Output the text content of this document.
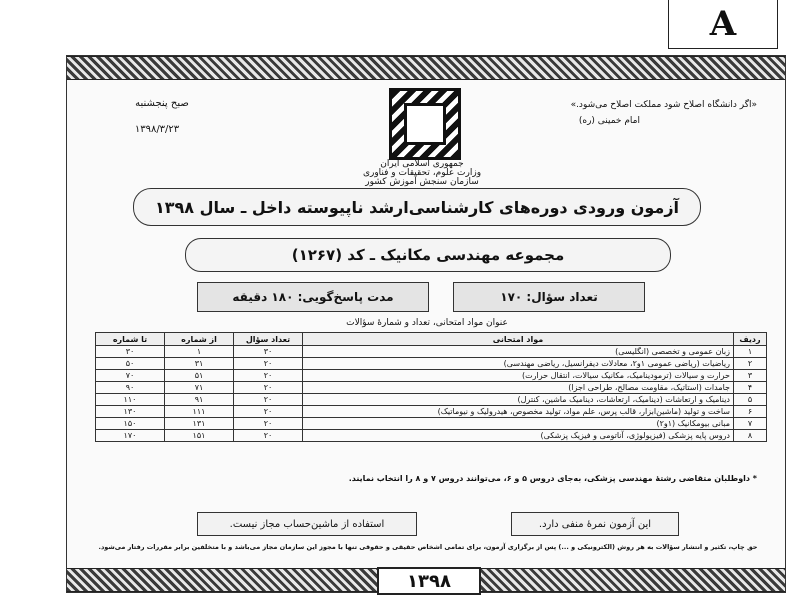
A
صبح پنجشنبه
۱۳۹۸/۳/۲۳
جمهوری اسلامی ایران
وزارت علوم، تحقیقات و فناوری
سازمان سنجش آموزش کشور
«اگر دانشگاه اصلاح شود مملکت اصلاح می‌شود.»
امام خمینی (ره)
آزمون ورودی دوره‌های کارشناسی‌ارشد ناپیوسته داخل ـ سال ۱۳۹۸
مجموعه مهندسی مکانیک ـ کد (۱۲۶۷)
تعداد سؤال: ۱۷۰
مدت پاسخ‌گویی: ۱۸۰ دقیقه
عنوان مواد امتحانی، تعداد و شمارهٔ سؤالات
ردیف	مواد امتحانی	تعداد سؤال	از شماره	تا شماره
۱	زبان عمومی و تخصصی (انگلیسی)	۳۰	۱	۳۰
۲	ریاضیات (ریاضی عمومی ۱و۲، معادلات دیفرانسیل، ریاضی مهندسی)	۲۰	۳۱	۵۰
۳	حرارت و سیالات (ترمودینامیک، مکانیک سیالات، انتقال حرارت)	۲۰	۵۱	۷۰
۴	جامدات (استاتیک، مقاومت مصالح، طراحی اجزا)	۲۰	۷۱	۹۰
۵	دینامیک و ارتعاشات (دینامیک، ارتعاشات، دینامیک ماشین، کنترل)	۲۰	۹۱	۱۱۰
۶	ساخت و تولید (ماشین‌ابزار، قالب پرس، علم مواد، تولید مخصوص، هیدرولیک و نیوماتیک)	۲۰	۱۱۱	۱۳۰
۷	مبانی بیومکانیک (۱و۲)	۲۰	۱۳۱	۱۵۰
۸	دروس پایه پزشکی (فیزیولوژی، آناتومی و فیزیک پزشکی)	۲۰	۱۵۱	۱۷۰
* داوطلبان متقاضی رشتهٔ مهندسی پزشکی، به‌جای دروس ۵ و ۶، می‌توانند دروس ۷ و ۸ را انتخاب نمایند.
استفاده از ماشین‌حساب مجاز نیست.	این آزمون نمرهٔ منفی دارد.
حق چاپ، تکثیر و انتشار سؤالات به هر روش (الکترونیکی و ...) پس از برگزاری آزمون، برای تمامی اشخاص حقیقی و حقوقی تنها با مجوز این سازمان مجاز می‌باشد و با متخلفین برابر مقررات رفتار می‌شود.
۱۳۹۸
